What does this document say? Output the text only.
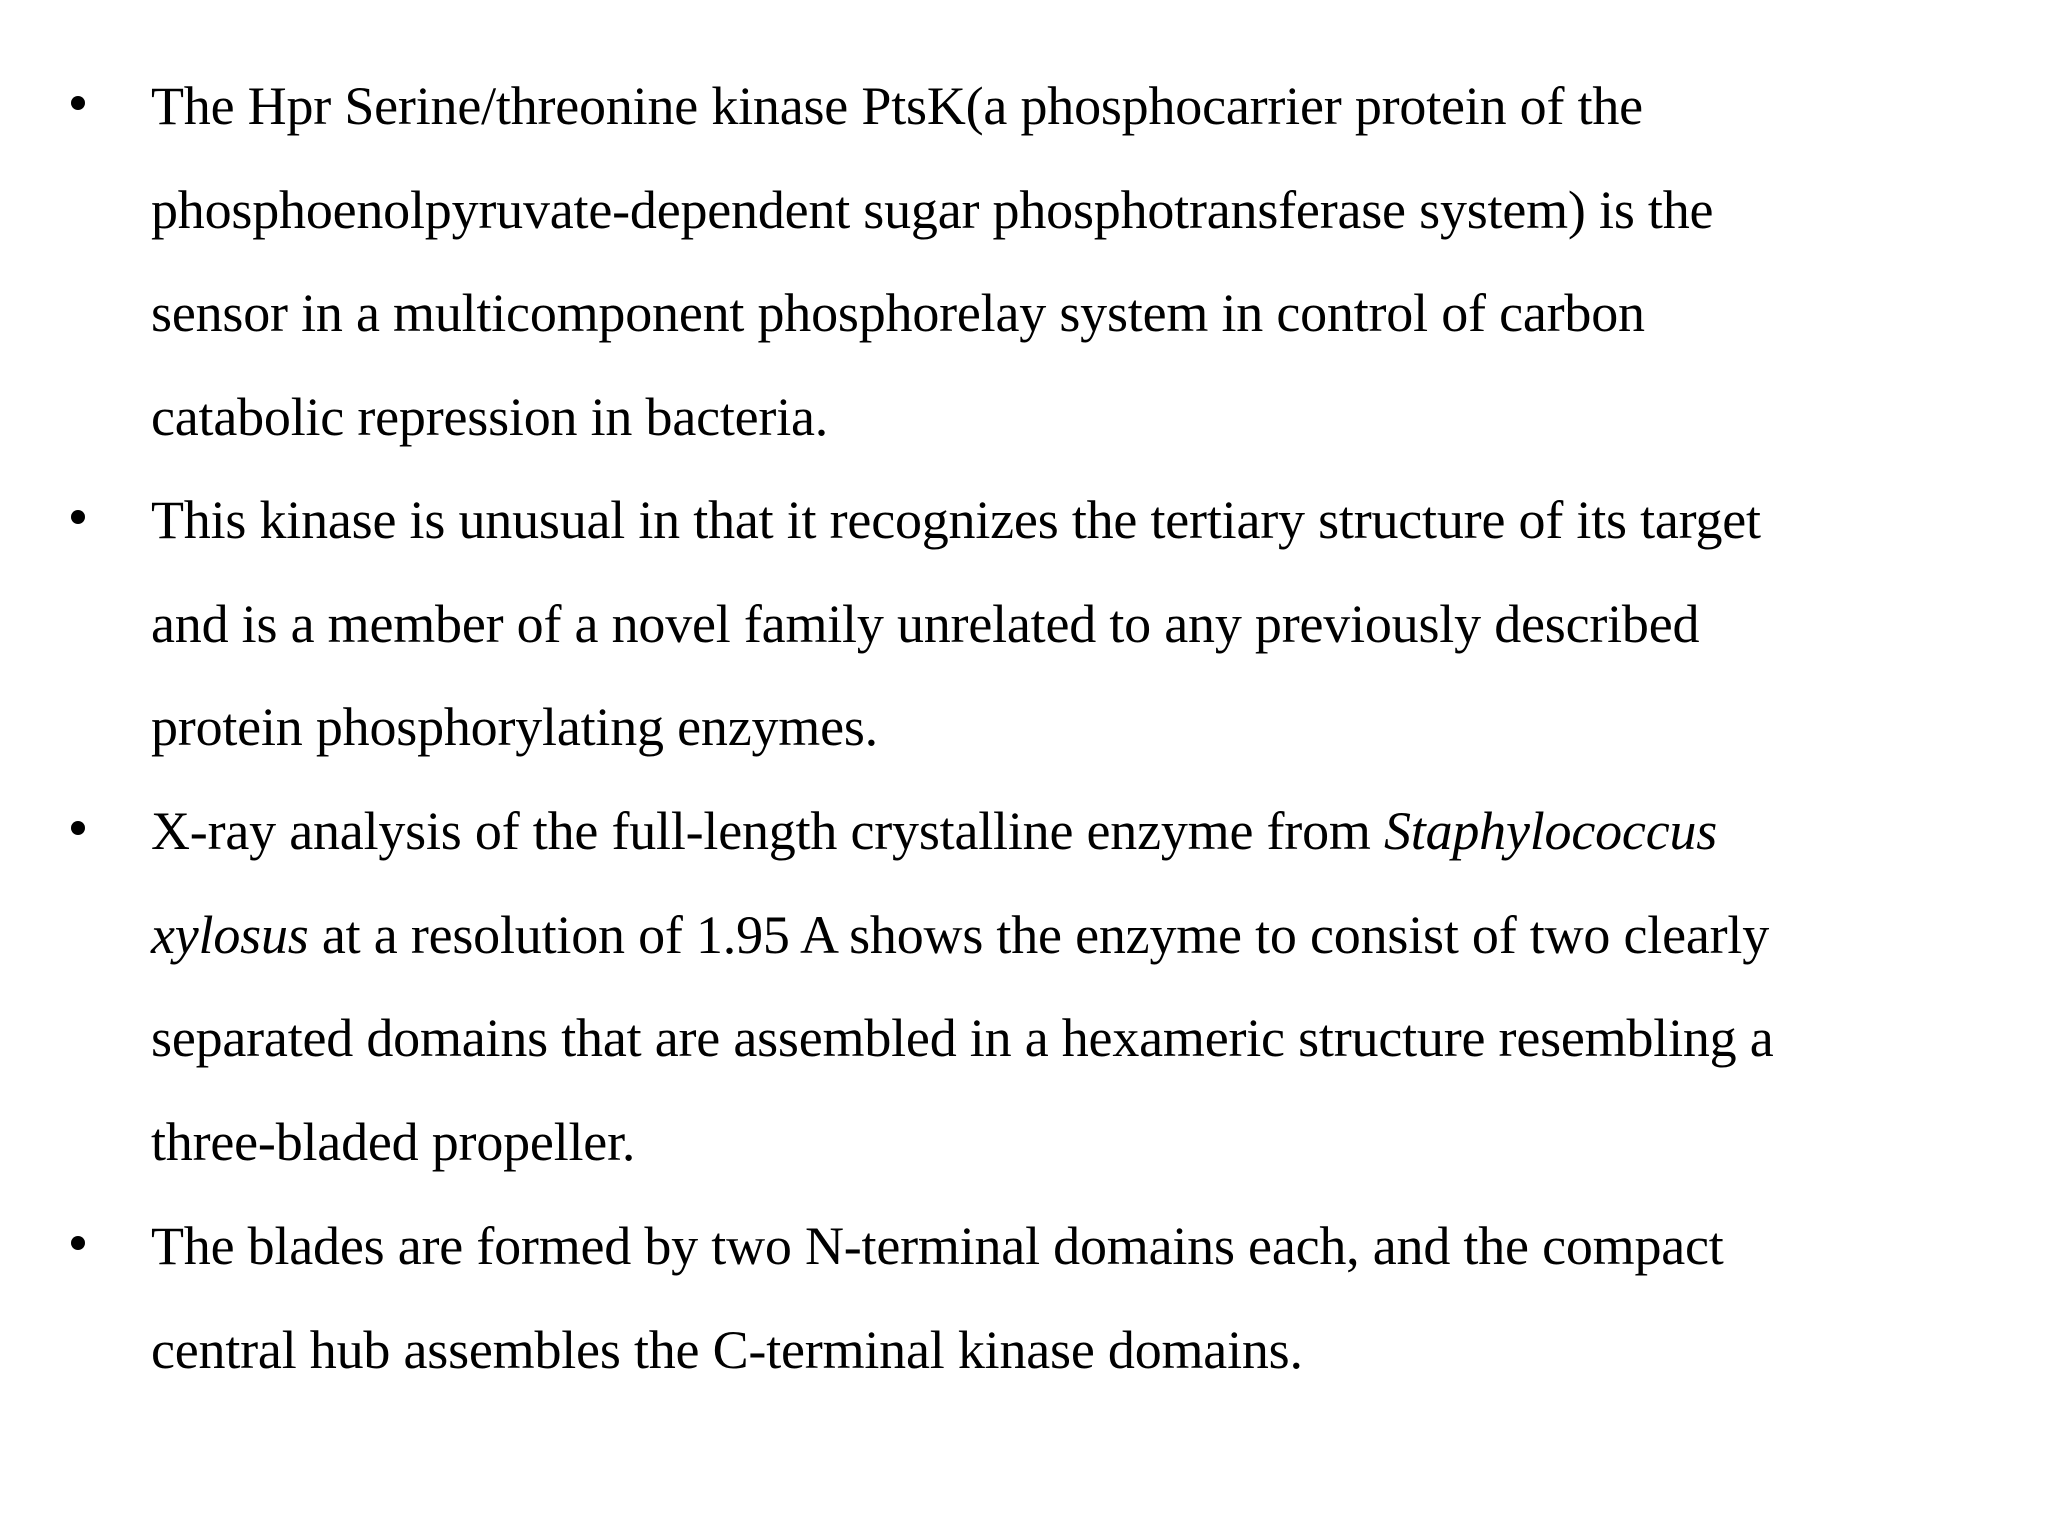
The Hpr Serine/threonine kinase PtsK(a phosphocarrier protein of the
phosphoenolpyruvate-dependent sugar phosphotransferase system) is the
sensor in a multicomponent phosphorelay system in control of carbon
catabolic repression in bacteria.
This kinase is unusual in that it recognizes the tertiary structure of its target
and is a member of a novel family unrelated to any previously described
protein phosphorylating enzymes.
X-ray analysis of the full-length crystalline enzyme from Staphylococcus
xylosus at a resolution of 1.95 A shows the enzyme to consist of two clearly
separated domains that are assembled in a hexameric structure resembling a
three-bladed propeller.
The blades are formed by two N-terminal domains each, and the compact
central hub assembles the C-terminal kinase domains.
